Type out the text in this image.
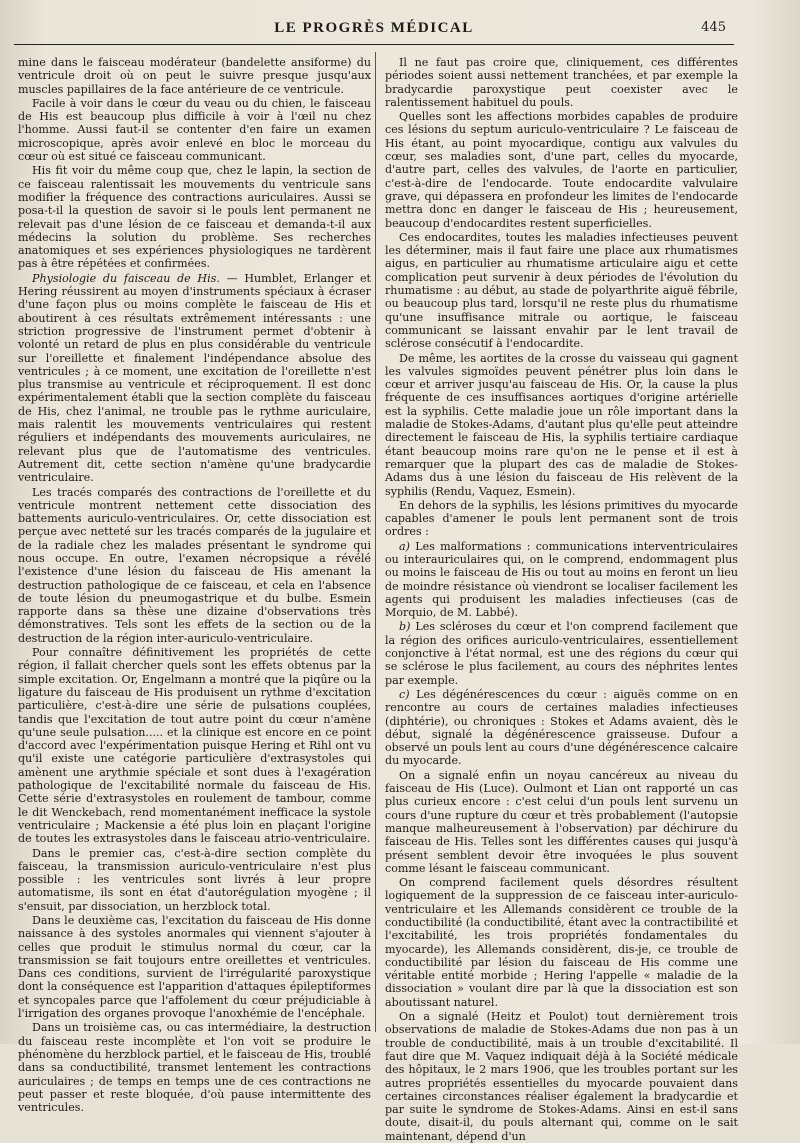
LE PROGRÈS MÉDICAL	445

mine dans le faisceau modérateur (bandelette ansiforme) du ventricule droit où on peut le suivre presque jusqu'aux muscles papillaires de la face antérieure de ce ventricule.

Facile à voir dans le cœur du veau ou du chien, le faisceau de His est beaucoup plus difficile à voir à l'œil nu chez l'homme. Aussi faut-il se contenter d'en faire un examen microscopique, après avoir enlevé en bloc le morceau du cœur où est situé ce faisceau communicant.

His fit voir du même coup que, chez le lapin, la section de ce faisceau ralentissait les mouvements du ventricule sans modifier la fréquence des contractions auriculaires. Aussi se posa-t-il la question de savoir si le pouls lent permanent ne relevait pas d'une lésion de ce faisceau et demanda-t-il aux médecins la solution du problème. Ses recherches anatomiques et ses expériences physiologiques ne tardèrent pas à être répétées et confirmées.

Physiologie du faisceau de His. — Humblet, Erlanger et Hering réussirent au moyen d'instruments spéciaux à écraser d'une façon plus ou moins complète le faisceau de His et aboutirent à ces résultats extrêmement intéressants : une striction progressive de l'instrument permet d'obtenir à volonté un retard de plus en plus considérable du ventricule sur l'oreillette et finalement l'indépendance absolue des ventricules ; à ce moment, une excitation de l'oreillette n'est plus transmise au ventricule et réciproquement. Il est donc expérimentalement établi que la section complète du faisceau de His, chez l'animal, ne trouble pas le rythme auriculaire, mais ralentit les mouvements ventriculaires qui restent réguliers et indépendants des mouvements auriculaires, ne relevant plus que de l'automatisme des ventricules. Autrement dit, cette section n'amène qu'une bradycardie ventriculaire.

Les tracés comparés des contractions de l'oreillette et du ventricule montrent nettement cette dissociation des battements auriculo-ventriculaires. Or, cette dissociation est perçue avec netteté sur les tracés comparés de la jugulaire et de la radiale chez les malades présentant le syndrome qui nous occupe. En outre, l'examen nécropsique a révélé l'existence d'une lésion du faisceau de His amenant la destruction pathologique de ce faisceau, et cela en l'absence de toute lésion du pneumogastrique et du bulbe. Esmein rapporte dans sa thèse une dizaine d'observations très démonstratives. Tels sont les effets de la section ou de la destruction de la région inter-auriculo-ventriculaire.

Pour connaître définitivement les propriétés de cette région, il fallait chercher quels sont les effets obtenus par la simple excitation. Or, Engelmann a montré que la piqûre ou la ligature du faisceau de His produisent un rythme d'excitation particulière, c'est-à-dire une série de pulsations couplées, tandis que l'excitation de tout autre point du cœur n'amène qu'une seule pulsation..... et la clinique est encore en ce point d'accord avec l'expérimentation puisque Hering et Rihl ont vu qu'il existe une catégorie particulière d'extrasystoles qui amènent une arythmie spéciale et sont dues à l'exagération pathologique de l'excitabilité normale du faisceau de His. Cette série d'extrasystoles en roulement de tambour, comme le dit Wenckebach, rend momentanément inefficace la systole ventriculaire ; Mackensie a été plus loin en plaçant l'origine de toutes les extrasystoles dans le faisceau atrio-ventriculaire.

Dans le premier cas, c'est-à-dire section complète du faisceau, la transmission auriculo-ventriculaire n'est plus possible : les ventricules sont livrés à leur propre automatisme, ils sont en état d'autorégulation myogène ; il s'ensuit, par dissociation, un herzblock total.

Dans le deuxième cas, l'excitation du faisceau de His donne naissance à des systoles anormales qui viennent s'ajouter à celles que produit le stimulus normal du cœur, car la transmission se fait toujours entre oreillettes et ventricules. Dans ces conditions, survient de l'irrégularité paroxystique dont la conséquence est l'apparition d'attaques épileptiformes et syncopales parce que l'affolement du cœur préjudiciable à l'irrigation des organes provoque l'anoxhémie de l'encéphale.

Dans un troisième cas, ou cas intermédiaire, la destruction du faisceau reste incomplète et l'on voit se produire le phénomène du herzblock partiel, et le faisceau de His, troublé dans sa conductibilité, transmet lentement les contractions auriculaires ; de temps en temps une de ces contractions ne peut passer et reste bloquée, d'où pause intermittente des ventricules.

Il ne faut pas croire que, cliniquement, ces différentes périodes soient aussi nettement tranchées, et par exemple la bradycardie paroxystique peut coexister avec le ralentissement habituel du pouls.

Quelles sont les affections morbides capables de produire ces lésions du septum auriculo-ventriculaire ? Le faisceau de His étant, au point myocardique, contigu aux valvules du cœur, ses maladies sont, d'une part, celles du myocarde, d'autre part, celles des valvules, de l'aorte en particulier, c'est-à-dire de l'endocarde. Toute endocardite valvulaire grave, qui dépassera en profondeur les limites de l'endocarde mettra donc en danger le faisceau de His ; heureusement, beaucoup d'endocardites restent superficielles.

Ces endocardites, toutes les maladies infectieuses peuvent les déterminer, mais il faut faire une place aux rhumatismes aigus, en particulier au rhumatisme articulaire aigu et cette complication peut survenir à deux périodes de l'évolution du rhumatisme : au début, au stade de polyarthrite aiguë fébrile, ou beaucoup plus tard, lorsqu'il ne reste plus du rhumatisme qu'une insuffisance mitrale ou aortique, le faisceau communicant se laissant envahir par le lent travail de sclérose consécutif à l'endocardite.

De même, les aortites de la crosse du vaisseau qui gagnent les valvules sigmoïdes peuvent pénétrer plus loin dans le cœur et arriver jusqu'au faisceau de His. Or, la cause la plus fréquente de ces insuffisances aortiques d'origine artérielle est la syphilis. Cette maladie joue un rôle important dans la maladie de Stokes-Adams, d'autant plus qu'elle peut atteindre directement le faisceau de His, la syphilis tertiaire cardiaque étant beaucoup moins rare qu'on ne le pense et il est à remarquer que la plupart des cas de maladie de Stokes-Adams dus à une lésion du faisceau de His relèvent de la syphilis (Rendu, Vaquez, Esmein).

En dehors de la syphilis, les lésions primitives du myocarde capables d'amener le pouls lent permanent sont de trois ordres :

a) Les malformations : communications interventriculaires ou interauriculaires qui, on le comprend, endommagent plus ou moins le faisceau de His ou tout au moins en feront un lieu de moindre résistance où viendront se localiser facilement les agents qui produisent les maladies infectieuses (cas de Morquio, de M. Labbé).

b) Les scléroses du cœur et l'on comprend facilement que la région des orifices auriculo-ventriculaires, essentiellement conjonctive à l'état normal, est une des régions du cœur qui se sclérose le plus facilement, au cours des néphrites lentes par exemple.

c) Les dégénérescences du cœur : aiguës comme on en rencontre au cours de certaines maladies infectieuses (diphtérie), ou chroniques : Stokes et Adams avaient, dès le début, signalé la dégénérescence graisseuse. Dufour a observé un pouls lent au cours d'une dégénérescence calcaire du myocarde.

On a signalé enfin un noyau cancéreux au niveau du faisceau de His (Luce). Oulmont et Lian ont rapporté un cas plus curieux encore : c'est celui d'un pouls lent survenu un cours d'une rupture du cœur et très probablement (l'autopsie manque malheureusement à l'observation) par déchirure du faisceau de His. Telles sont les différentes causes qui jusqu'à présent semblent devoir être invoquées le plus souvent comme lésant le faisceau communicant.

On comprend facilement quels désordres résultent logiquement de la suppression de ce faisceau inter-auriculo-ventriculaire et les Allemands considèrent ce trouble de la conductibilité (la conductibilité, étant avec la contractibilité et l'excitabilité, les trois propriétés fondamentales du myocarde), les Allemands considèrent, dis-je, ce trouble de conductibilité par lésion du faisceau de His comme une véritable entité morbide ; Hering l'appelle « maladie de la dissociation » voulant dire par là que la dissociation est son aboutissant naturel.

On a signalé (Heitz et Poulot) tout dernièrement trois observations de maladie de Stokes-Adams due non pas à un trouble de conductibilité, mais à un trouble d'excitabilité. Il faut dire que M. Vaquez indiquait déjà à la Société médicale des hôpitaux, le 2 mars 1906, que les troubles portant sur les autres propriétés essentielles du myocarde pouvaient dans certaines circonstances réaliser également la bradycardie et par suite le syndrome de Stokes-Adams. Ainsi en est-il sans doute, disait-il, du pouls alternant qui, comme on le sait maintenant, dépend d'un
